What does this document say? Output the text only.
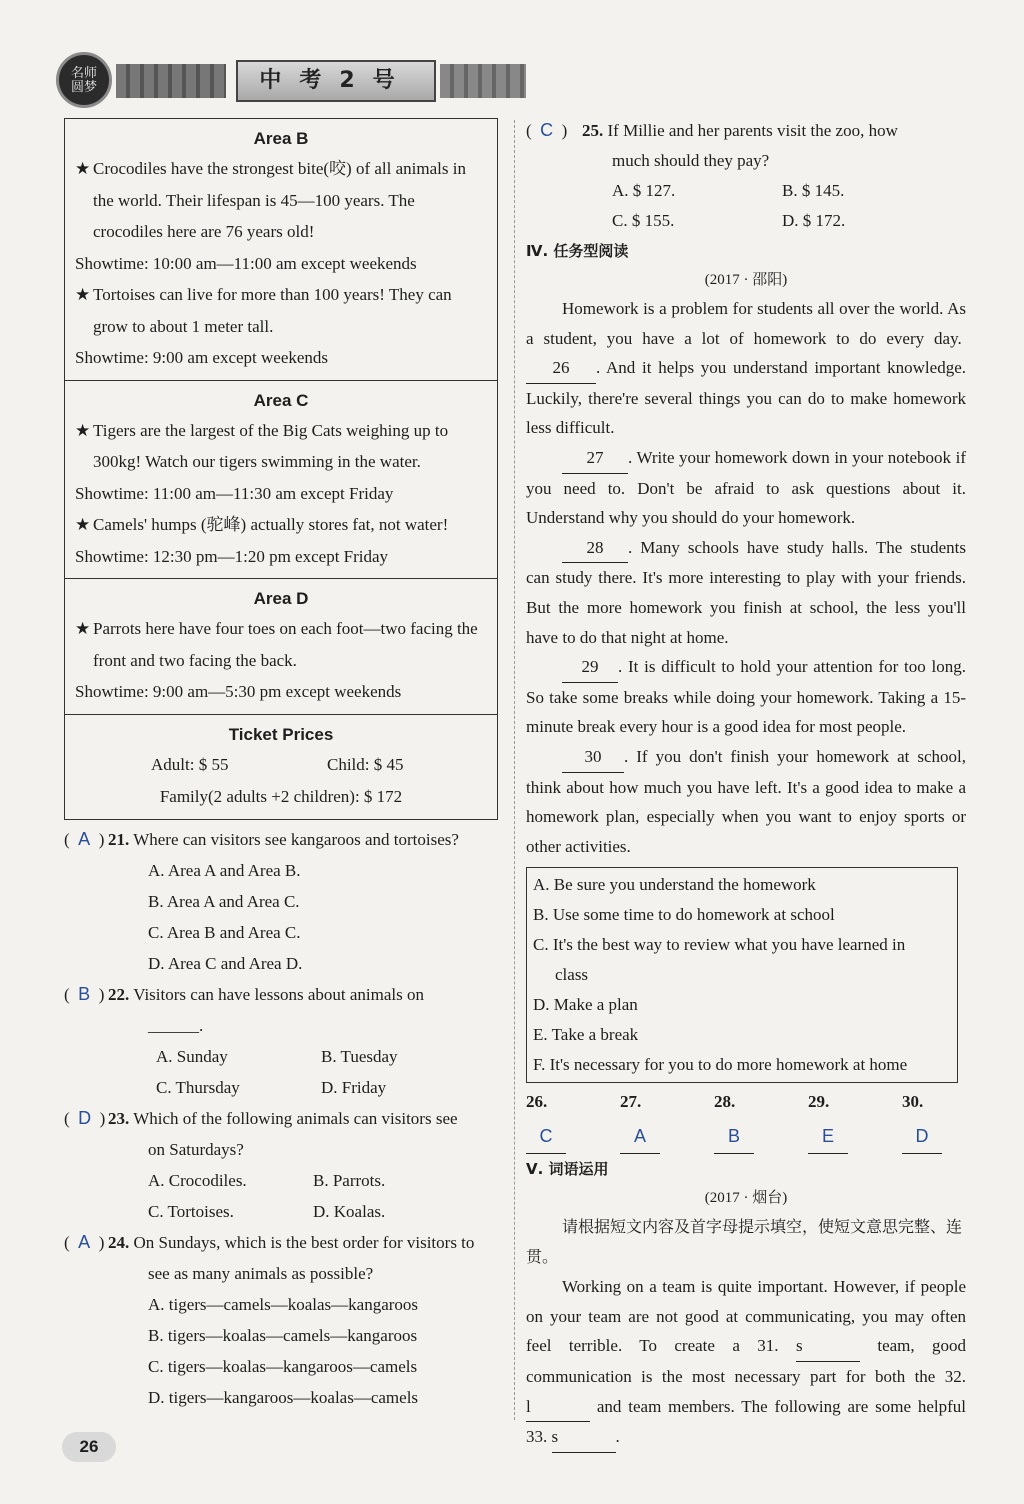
名师
圆梦	中考2号
Area B
★ Crocodiles have the strongest bite(咬) of all animals in the world. Their lifespan is 45—100 years. The crocodiles here are 76 years old!
Showtime: 10:00 am—11:00 am except weekends
★ Tortoises can live for more than 100 years! They can grow to about 1 meter tall.
Showtime: 9:00 am except weekends
Area C
★ Tigers are the largest of the Big Cats weighing up to 300kg! Watch our tigers swimming in the water.
Showtime: 11:00 am—11:30 am except Friday
★ Camels' humps (驼峰) actually stores fat, not water!
Showtime: 12:30 pm—1:20 pm except Friday
Area D
★ Parrots here have four toes on each foot—two facing the front and two facing the back.
Showtime: 9:00 am—5:30 pm except weekends
Ticket Prices
Adult: $ 55	Child: $ 45
Family(2 adults +2 children): $ 172
(  A  ) 21. Where can visitors see kangaroos and tortoises?
A. Area A and Area B.
B. Area A and Area C.
C. Area B and Area C.
D. Area C and Area D.
(  B  ) 22. Visitors can have lessons about animals on
______.
A. Sunday	B. Tuesday
C. Thursday	D. Friday
(  D  ) 23. Which of the following animals can visitors see
on Saturdays?
A. Crocodiles.	B. Parrots.
C. Tortoises.	D. Koalas.
(  A  ) 24. On Sundays, which is the best order for visitors to
see as many animals as possible?
A. tigers—camels—koalas—kangaroos
B. tigers—koalas—camels—kangaroos
C. tigers—koalas—kangaroos—camels
D. tigers—kangaroos—koalas—camels
(  C  ) 25. If Millie and her parents visit the zoo, how
much should they pay?
A. $ 127.	B. $ 145.
C. $ 155.	D. $ 172.
Ⅳ. 任务型阅读
(2017 · 邵阳)
Homework is a problem for students all over the world. As a student, you have a lot of homework to do every day.  26 . And it helps you understand important knowledge. Luckily, there're several things you can do to make homework less difficult.
27 . Write your homework down in your notebook if you need to. Don't be afraid to ask questions about it. Understand why you should do your homework.
28 . Many schools have study halls. The students can study there. It's more interesting to play with your friends. But the more homework you finish at school, the less you'll have to do that night at home.
29 . It is difficult to hold your attention for too long. So take some breaks while doing your homework. Taking a 15-minute break every hour is a good idea for most people.
30 . If you don't finish your homework at school, think about how much you have left. It's a good idea to make a homework plan, especially when you want to enjoy sports or other activities.
A. Be sure you understand the homework
B. Use some time to do homework at school
C. It's the best way to review what you have learned in
class
D. Make a plan
E. Take a break
F. It's necessary for you to do more homework at home
26. C
27. A
28. B
29. E
30. D
Ⅴ. 词语运用
(2017 · 烟台)
请根据短文内容及首字母提示填空，使短文意思完整、连贯。
Working on a team is quite important. However, if people on your team are not good at communicating, you may often feel terrible. To create a 31. s	team, good communication is the most necessary part for both the 32. l	and team members. The following are some helpful 33. s	.
26
